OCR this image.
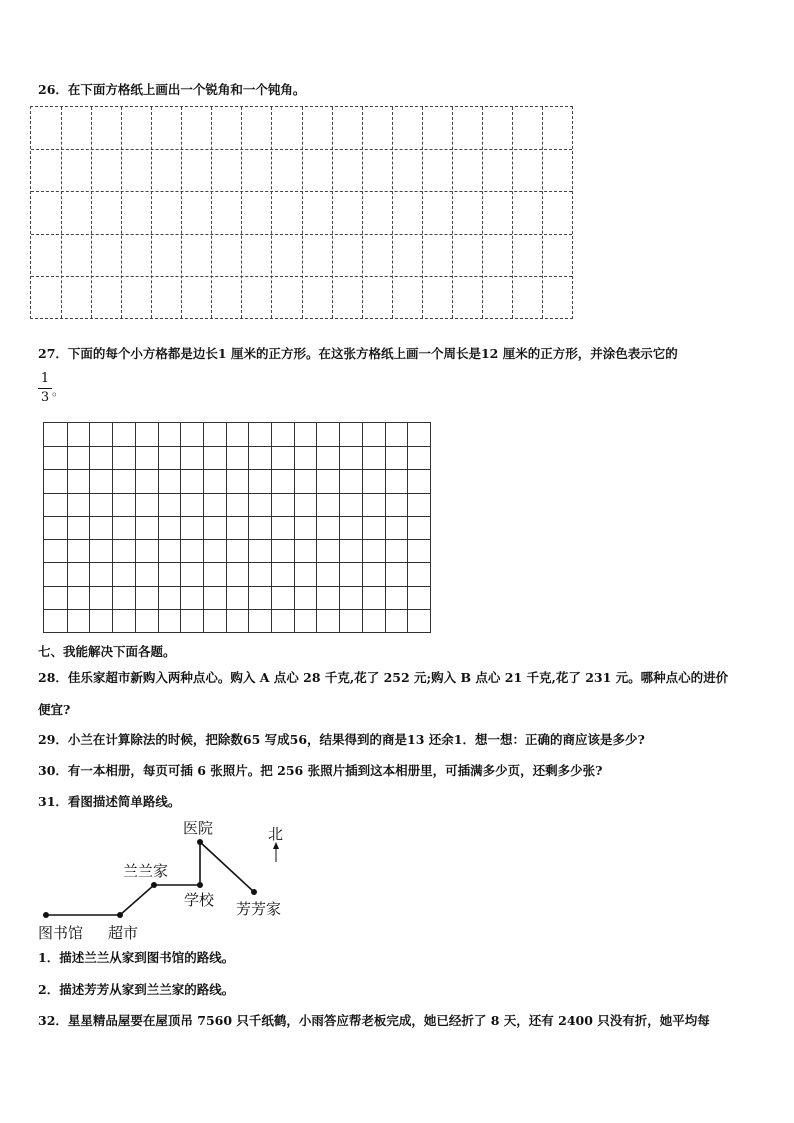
26．在下面方格纸上画出一个锐角和一个钝角。
27．下面的每个小方格都是边长1 厘米的正方形。在这张方格纸上画一个周长是12 厘米的正方形，并涂色表示它的
1
3 。
七、我能解决下面各题。
28．佳乐家超市新购入两种点心。购入 A 点心 28 千克,花了 252 元;购入 B 点心 21 千克,花了 231 元。哪种点心的进价
便宜?
29．小兰在计算除法的时候，把除数65 写成56，结果得到的商是13 还余1．想一想：正确的商应该是多少?
30．有一本相册，每页可插 6 张照片。把 256 张照片插到这本相册里，可插满多少页，还剩多少张?
31．看图描述简单路线。
医院	北
兰兰家
学校 芳芳家
图书馆 超市
1．描述兰兰从家到图书馆的路线。
2．描述芳芳从家到兰兰家的路线。
32．星星精品屋要在屋顶吊 7560 只千纸鹤，小雨答应帮老板完成，她已经折了 8 天，还有 2400 只没有折，她平均每
